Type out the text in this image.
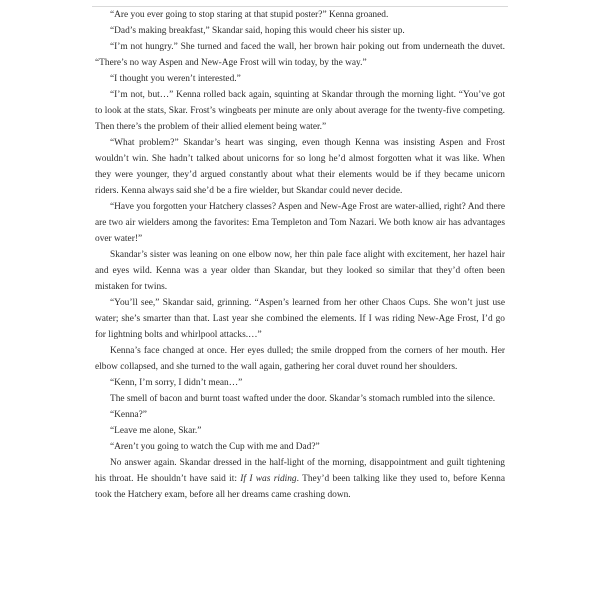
“Are you ever going to stop staring at that stupid poster?” Kenna groaned.

“Dad’s making breakfast,” Skandar said, hoping this would cheer his sister up.

“I’m not hungry.” She turned and faced the wall, her brown hair poking out from underneath the duvet. “There’s no way Aspen and New-Age Frost will win today, by the way.”

“I thought you weren’t interested.”

“I’m not, but…” Kenna rolled back again, squinting at Skandar through the morning light. “You’ve got to look at the stats, Skar. Frost’s wingbeats per minute are only about average for the twenty-five competing. Then there’s the problem of their allied element being water.”

“What problem?” Skandar’s heart was singing, even though Kenna was insisting Aspen and Frost wouldn’t win. She hadn’t talked about unicorns for so long he’d almost forgotten what it was like. When they were younger, they’d argued constantly about what their elements would be if they became unicorn riders. Kenna always said she’d be a fire wielder, but Skandar could never decide.

“Have you forgotten your Hatchery classes? Aspen and New-Age Frost are water-allied, right? And there are two air wielders among the favorites: Ema Templeton and Tom Nazari. We both know air has advantages over water!”

Skandar’s sister was leaning on one elbow now, her thin pale face alight with excitement, her hazel hair and eyes wild. Kenna was a year older than Skandar, but they looked so similar that they’d often been mistaken for twins.

“You’ll see,” Skandar said, grinning. “Aspen’s learned from her other Chaos Cups. She won’t just use water; she’s smarter than that. Last year she combined the elements. If I was riding New-Age Frost, I’d go for lightning bolts and whirlpool attacks.…”

Kenna’s face changed at once. Her eyes dulled; the smile dropped from the corners of her mouth. Her elbow collapsed, and she turned to the wall again, gathering her coral duvet round her shoulders.

“Kenn, I’m sorry, I didn’t mean…”

The smell of bacon and burnt toast wafted under the door. Skandar’s stomach rumbled into the silence.

“Kenna?”

“Leave me alone, Skar.”

“Aren’t you going to watch the Cup with me and Dad?”

No answer again. Skandar dressed in the half-light of the morning, disappointment and guilt tightening his throat. He shouldn’t have said it: If I was riding. They’d been talking like they used to, before Kenna took the Hatchery exam, before all her dreams came crashing down.
